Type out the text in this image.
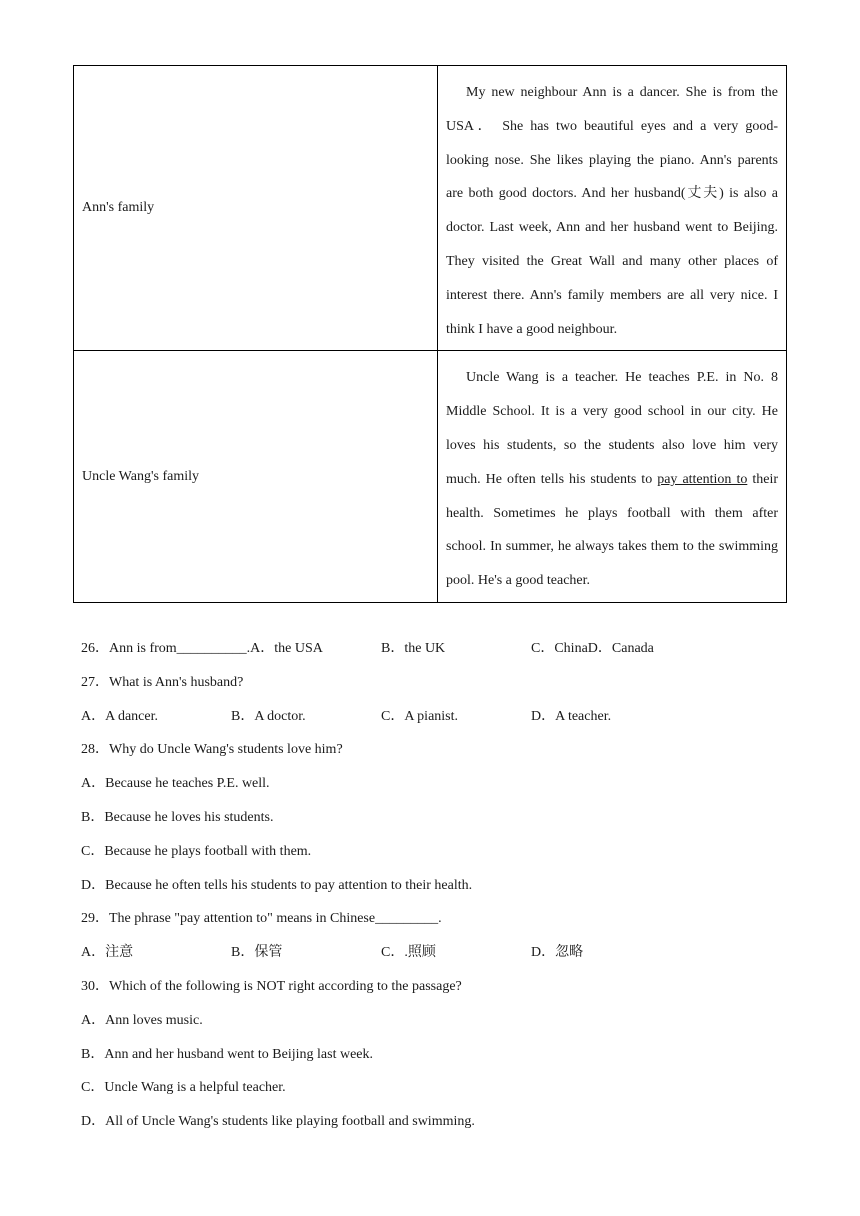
Ann's family	My new neighbour Ann is a dancer. She is from the USA． She has two beautiful eyes and a very good-looking nose. She likes playing the piano. Ann's parents are both good doctors. And her husband(丈夫) is also a doctor. Last week, Ann and her husband went to Beijing. They visited the Great Wall and many other places of interest there. Ann's family members are all very nice. I think I have a good neighbour.

Uncle Wang's family	Uncle Wang is a teacher. He teaches P.E. in No. 8 Middle School. It is a very good school in our city. He loves his students, so the students also love him very much. He often tells his students to pay attention to their health. Sometimes he plays football with them after school. In summer, he always takes them to the swimming pool. He's a good teacher.

26．Ann is from__________.A．the USA	B．the UK	C．ChinaD．Canada
27．What is Ann's husband?
A．A dancer.	B．A doctor.	C．A pianist.	D．A teacher.
28．Why do Uncle Wang's students love him?
A．Because he teaches P.E. well.
B．Because he loves his students.
C．Because he plays football with them.
D．Because he often tells his students to pay attention to their health.
29．The phrase "pay attention to" means in Chinese_________.
A．注意	B．保管	C．.照顾	D．忽略
30．Which of the following is NOT right according to the passage?
A．Ann loves music.
B．Ann and her husband went to Beijing last week.
C．Uncle Wang is a helpful teacher.
D．All of Uncle Wang's students like playing football and swimming.
